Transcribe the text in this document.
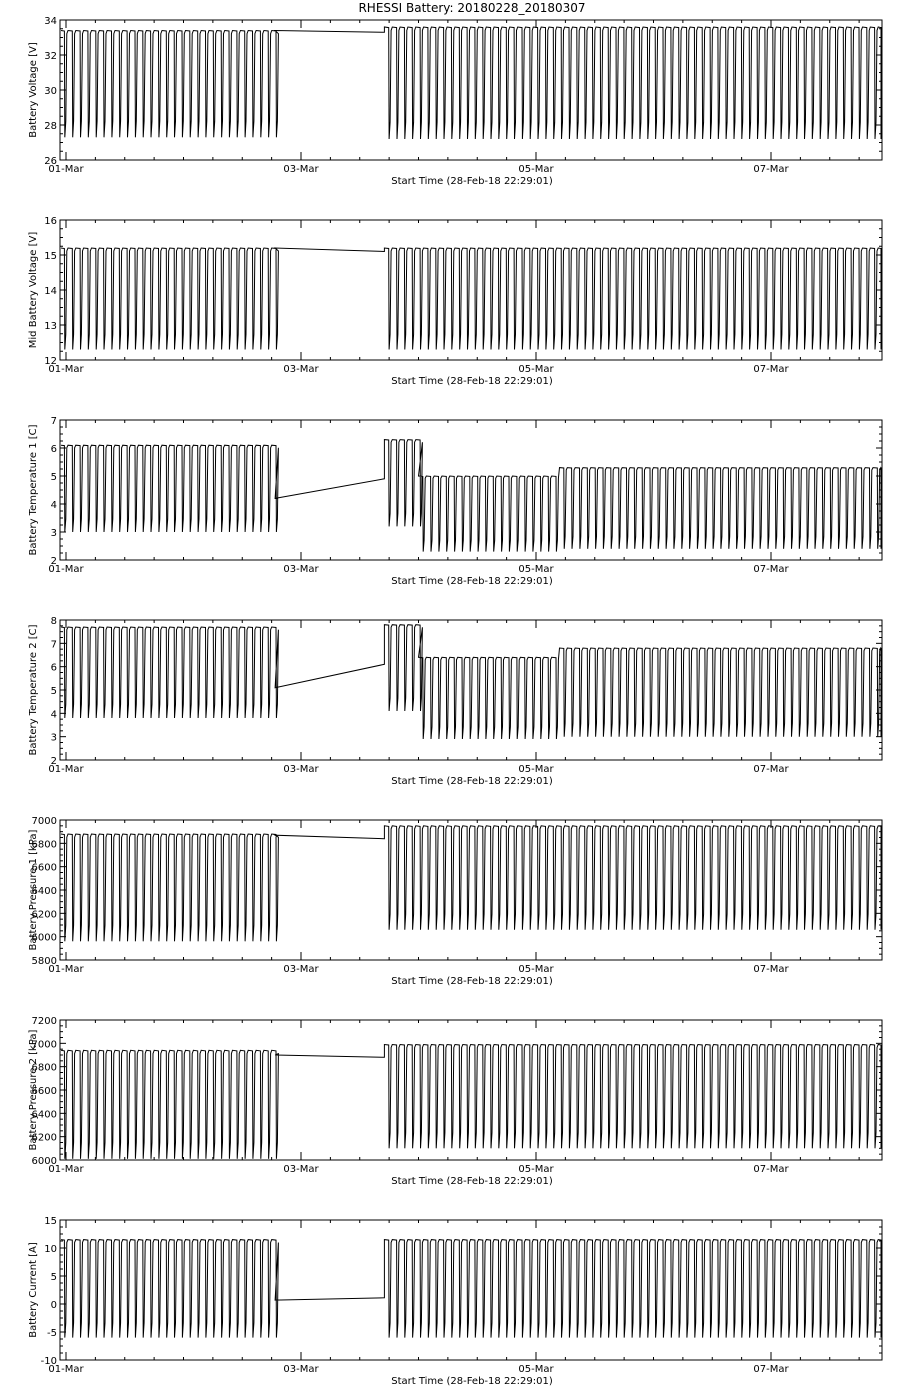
RHESSI Battery: 20180228_20180307
26
28
30
32
34
01-Mar	03-Mar	05-Mar	07-Mar
Start Time (28-Feb-18 22:29:01)
Battery Voltage [V]
12
13
14
15
16
01-Mar	03-Mar	05-Mar	07-Mar
Start Time (28-Feb-18 22:29:01)
Mid Battery Voltage [V]
2
3
4
5
6
7
01-Mar	03-Mar	05-Mar	07-Mar
Start Time (28-Feb-18 22:29:01)
Battery Temperature 1 [C]
2
3
4
5
6
7
8
01-Mar	03-Mar	05-Mar	07-Mar
Start Time (28-Feb-18 22:29:01)
Battery Temperature 2 [C]
5800
6000
6200
6400
6600
6800
7000
01-Mar	03-Mar	05-Mar	07-Mar
Start Time (28-Feb-18 22:29:01)
Battery Pressure 1 [kPa]
6000
6200
6400
6600
6800
7000
7200
01-Mar	03-Mar	05-Mar	07-Mar
Start Time (28-Feb-18 22:29:01)
Battery Pressure 2 [kPa]
-10
-5
0
5
10
15
01-Mar	03-Mar	05-Mar	07-Mar
Start Time (28-Feb-18 22:29:01)
Battery Current [A]
